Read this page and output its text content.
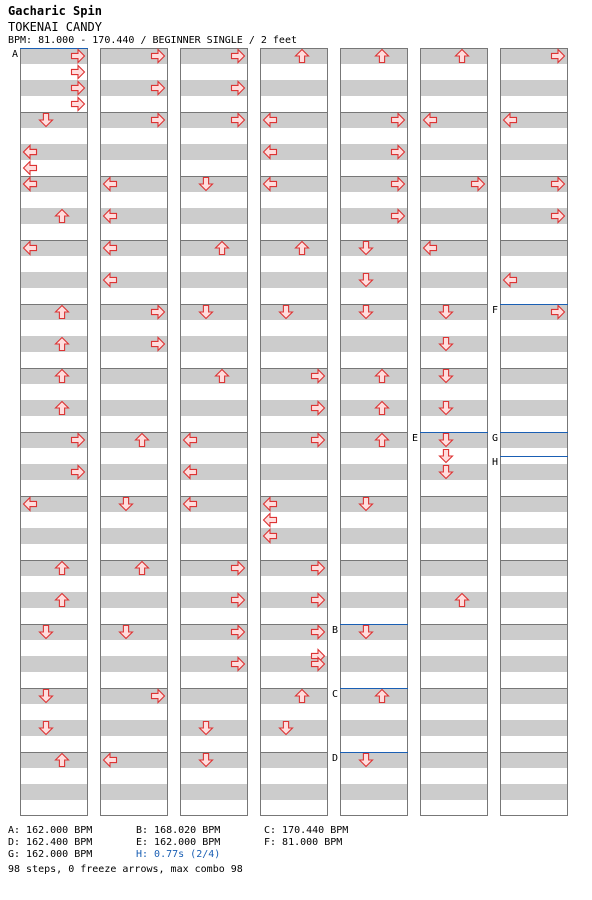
Gacharic Spin
TOKENAI CANDY
BPM: 81.000 - 170.440 / BEGINNER SINGLE / 2 feet
A
B
C
D
E
F
G
H
A: 162.000 BPM
D: 162.400 BPM
G: 162.000 BPM
B: 168.020 BPM
E: 162.000 BPM
H: 0.77s (2/4)
C: 170.440 BPM
F: 81.000 BPM
98 steps, 0 freeze arrows, max combo 98
